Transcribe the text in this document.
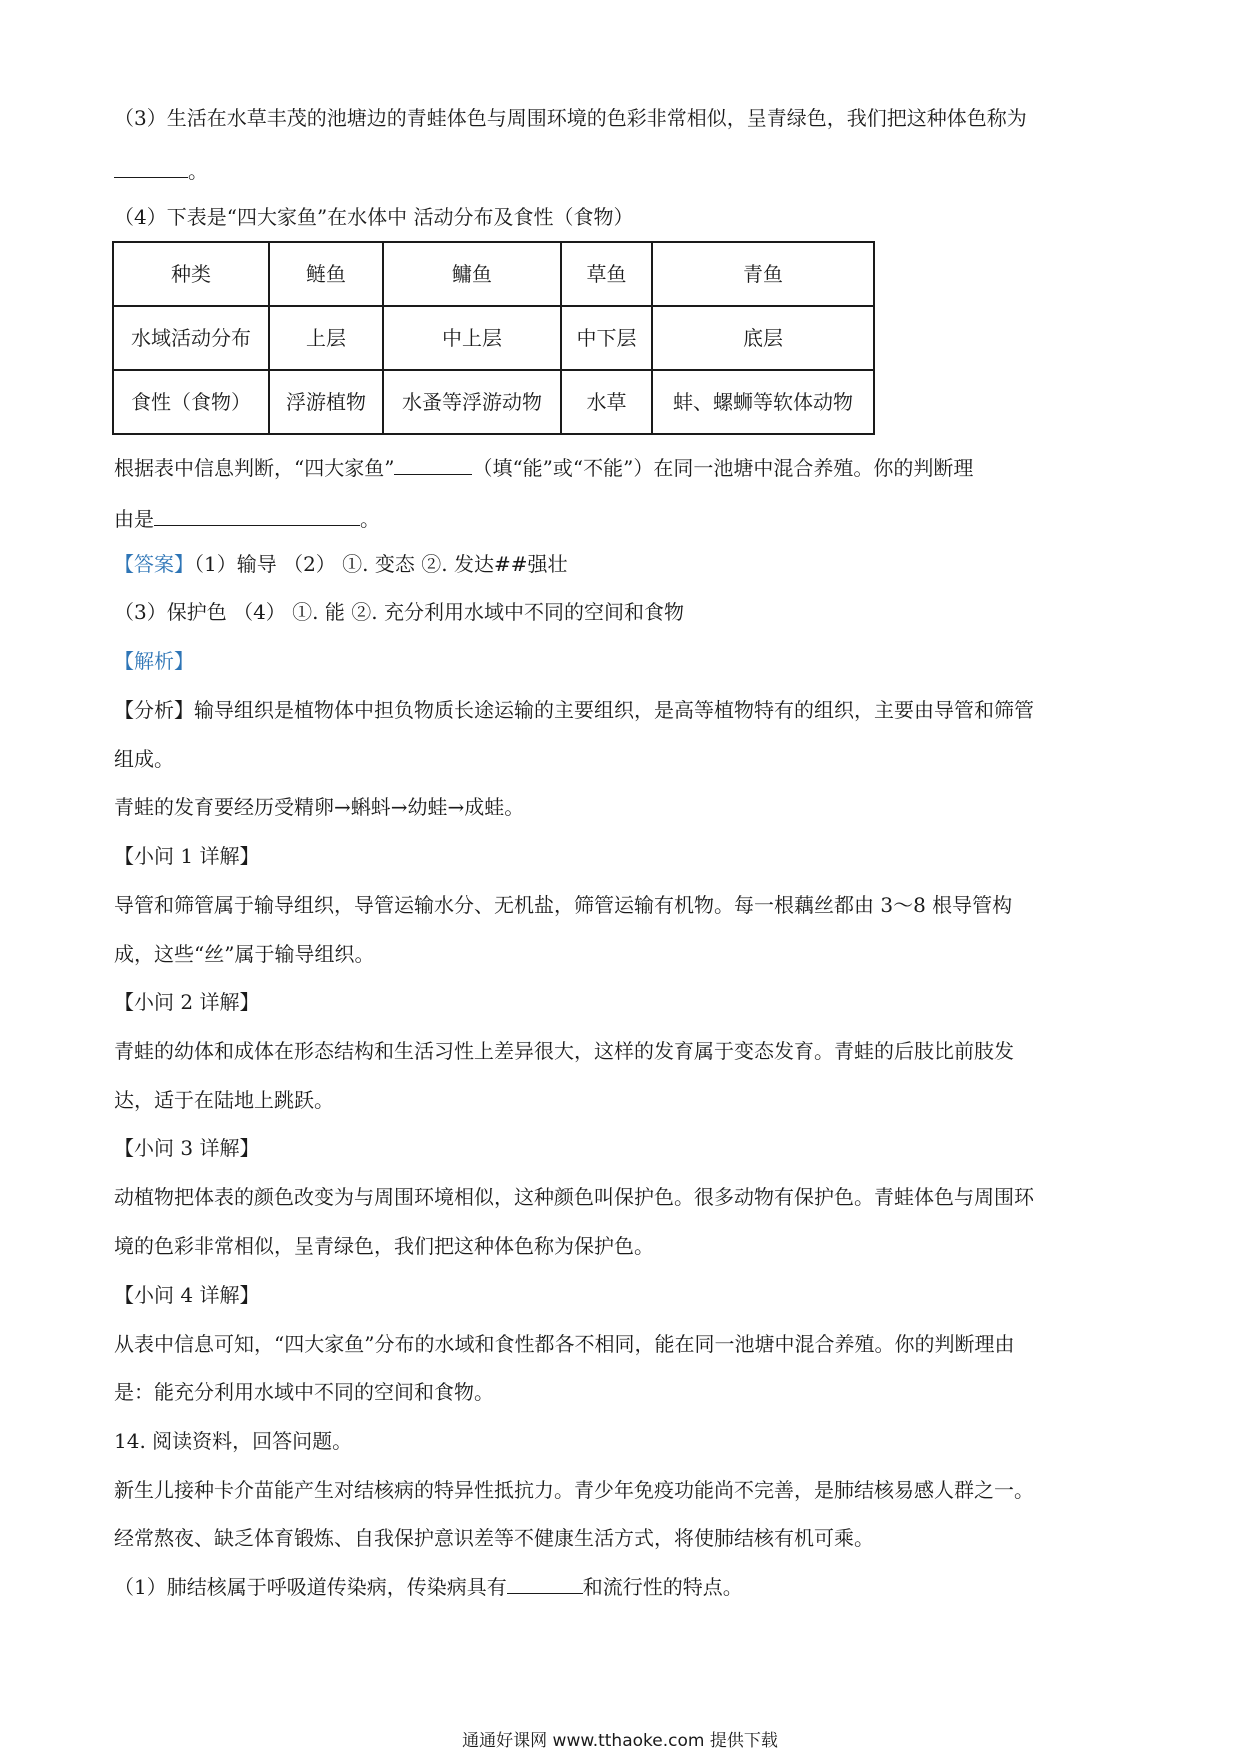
（3）生活在水草丰茂的池塘边的青蛙体色与周围环境的色彩非常相似，呈青绿色，我们把这种体色称为
。
（4）下表是“四大家鱼”在水体中 活动分布及食性（食物）
种类	鲢鱼	鳙鱼	草鱼	青鱼
水域活动分布	上层	中上层	中下层	底层
食性（食物）	浮游植物	水蚤等浮游动物	水草	蚌、螺蛳等软体动物
根据表中信息判断，“四大家鱼”	（填“能”或“不能”）在同一池塘中混合养殖。你的判断理
由是	。
【答案】（1）输导 （2） ①. 变态 ②. 发达##强壮
（3）保护色 （4） ①. 能 ②. 充分利用水域中不同的空间和食物
【解析】
【分析】输导组织是植物体中担负物质长途运输的主要组织，是高等植物特有的组织，主要由导管和筛管
组成。
青蛙的发育要经历受精卵→蝌蚪→幼蛙→成蛙。
【小问 1 详解】
导管和筛管属于输导组织，导管运输水分、无机盐，筛管运输有机物。每一根藕丝都由 3～8 根导管构
成，这些“丝”属于输导组织。
【小问 2 详解】
青蛙的幼体和成体在形态结构和生活习性上差异很大，这样的发育属于变态发育。青蛙的后肢比前肢发
达，适于在陆地上跳跃。
【小问 3 详解】
动植物把体表的颜色改变为与周围环境相似，这种颜色叫保护色。很多动物有保护色。青蛙体色与周围环
境的色彩非常相似，呈青绿色，我们把这种体色称为保护色。
【小问 4 详解】
从表中信息可知，“四大家鱼”分布的水域和食性都各不相同，能在同一池塘中混合养殖。你的判断理由
是：能充分利用水域中不同的空间和食物。
14. 阅读资料，回答问题。
新生儿接种卡介苗能产生对结核病的特异性抵抗力。青少年免疫功能尚不完善，是肺结核易感人群之一。
经常熬夜、缺乏体育锻炼、自我保护意识差等不健康生活方式，将使肺结核有机可乘。
（1）肺结核属于呼吸道传染病，传染病具有	和流行性的特点。
通通好课网 www.tthaoke.com 提供下载
